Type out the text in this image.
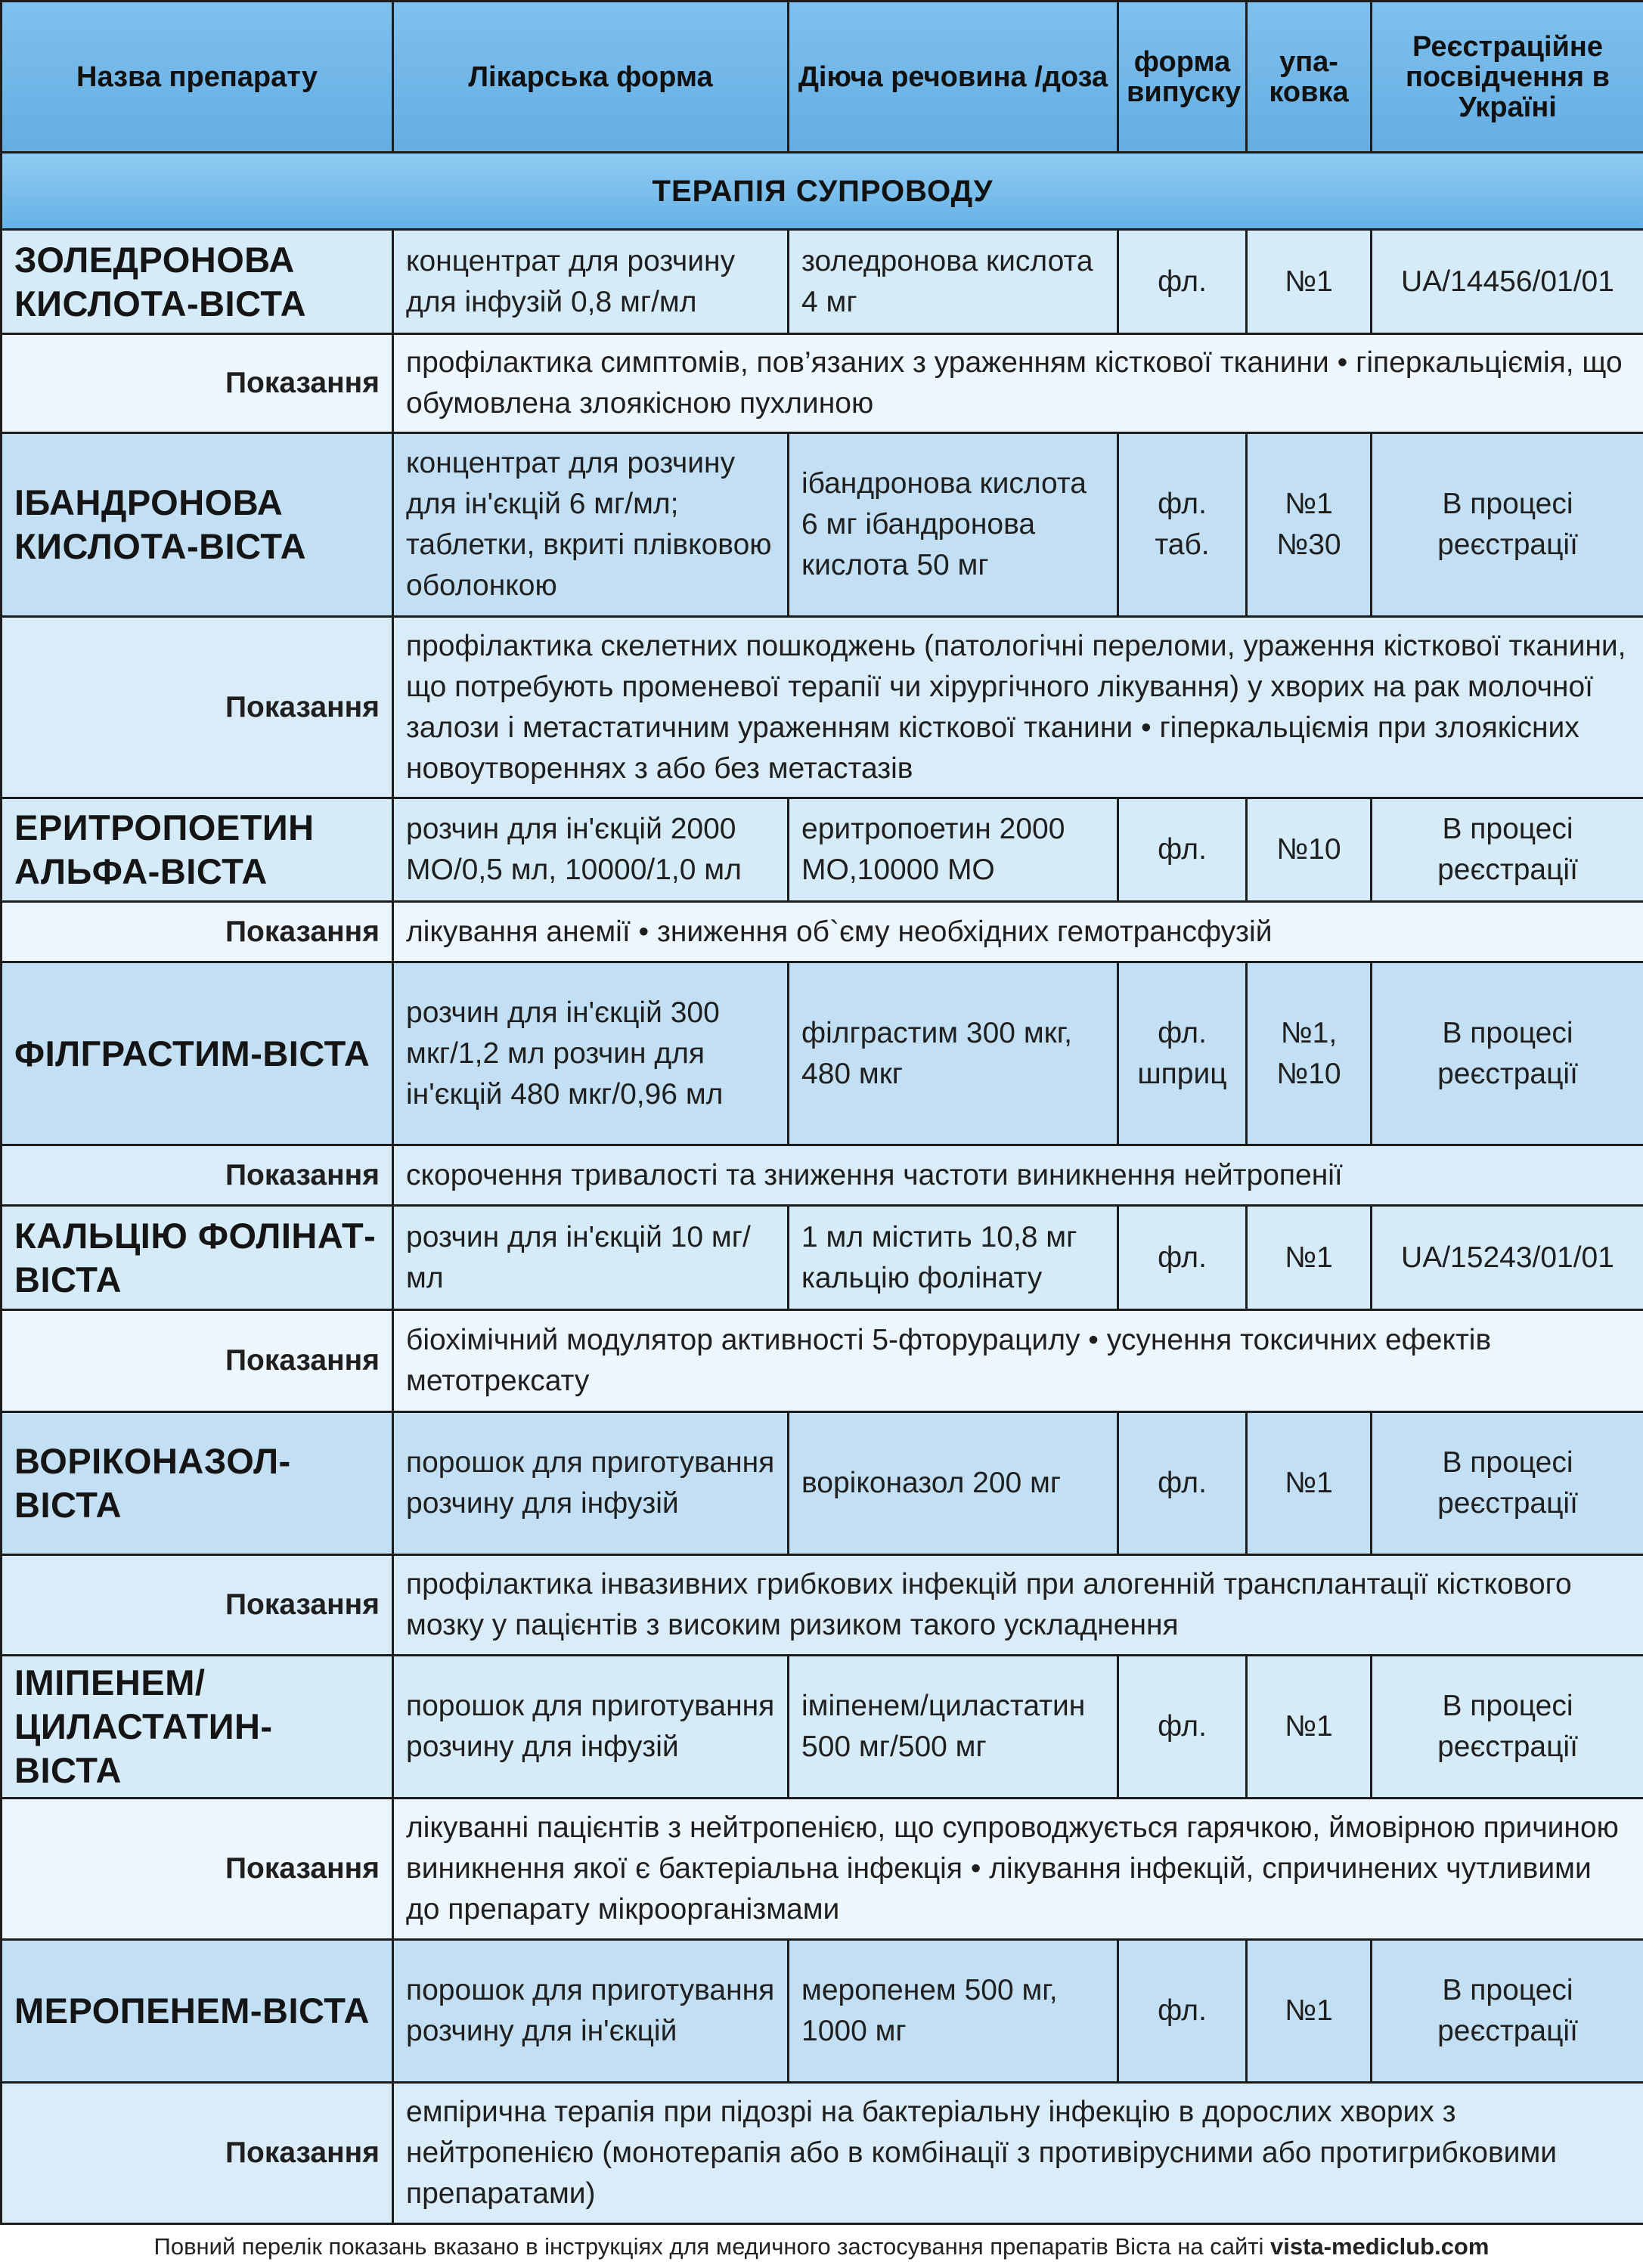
Назва препарату	Лікарська форма	Діюча речовина /доза	форма випуску	упа- ковка	Реєстраційне посвідчення в Україні
ТЕРАПІЯ СУПРОВОДУ					
ЗОЛЕДРОНОВА КИСЛОТА-ВІСТА	концентрат для розчину для інфузій 0,8 мг/мл	золедронова кислота 4 мг	фл.	№1	UA/14456/01/01
Показання	профілактика симптомів, пов’язаних з ураженням кісткової тканини • гіперкальціємія, що обумовлена злоякісною пухлиною				
ІБАНДРОНОВА КИСЛОТА-ВІСТА	концентрат для розчину для ін'єкцій 6 мг/мл; таблетки, вкриті плівковою оболонкою	ібандронова кислота 6 мг ібандронова кислота 50 мг	фл. таб.	№1 №30	В процесі реєстрації
Показання	профілактика скелетних пошкоджень (патологічні переломи, ураження кісткової тканини, що потребують променевої терапії чи хірургічного лікування) у хворих на рак молочної залози і метастатичним ураженням кісткової тканини • гіперкальціємія при злоякісних новоутвореннях з або без метастазів				
ЕРИТРОПОЕТИН АЛЬФА-ВІСТА	розчин для ін'єкцій 2000 МО/0,5 мл, 10000/1,0 мл	еритропоетин 2000 МО,10000 МО	фл.	№10	В процесі реєстрації
Показання	лікування анемії • зниження об`єму необхідних гемотрансфузій				
ФІЛГРАСТИМ-ВІСТА	розчин для ін'єкцій 300 мкг/1,2 мл розчин для ін'єкцій 480 мкг/0,96 мл	філграстим 300 мкг, 480 мкг	фл. шприц	№1, №10	В процесі реєстрації
Показання	скорочення тривалості та зниження частоти виникнення нейтропенії				
КАЛЬЦІЮ ФОЛІНАТ-ВІСТА	розчин для ін'єкцій 10 мг/мл	1 мл містить 10,8 мг кальцію фолінату	фл.	№1	UA/15243/01/01
Показання	біохімічний модулятор активності 5-фторурацилу • усунення токсичних ефектів метотрексату				
ВОРІКОНАЗОЛ-ВІСТА	порошок для приготування розчину для інфузій	воріконазол 200 мг	фл.	№1	В процесі реєстрації
Показання	профілактика інвазивних грибкових інфекцій при алогенній трансплантації кісткового мозку у пацієнтів з високим ризиком такого ускладнення				
ІМІПЕНЕМ/ ЦИЛАСТАТИН-ВІСТА	порошок для приготування розчину для інфузій	іміпенем/циластатин 500 мг/500 мг	фл.	№1	В процесі реєстрації
Показання	лікуванні пацієнтів з нейтропенією, що супроводжується гарячкою, ймовірною причиною виникнення якої є бактеріальна інфекція • лікування інфекцій, спричинених чутливими до препарату мікроорганізмами				
МЕРОПЕНЕМ-ВІСТА	порошок для приготування розчину для ін'єкцій	меропенем 500 мг, 1000 мг	фл.	№1	В процесі реєстрації
Показання	емпірична терапія при підозрі на бактеріальну інфекцію в дорослих хворих з нейтропенією (монотерапія або в комбінації з противірусними або протигрибковими препаратами)				
Повний перелік показань вказано в інструкціях для медичного застосування препаратів Віста на сайті vista-mediclub.com
